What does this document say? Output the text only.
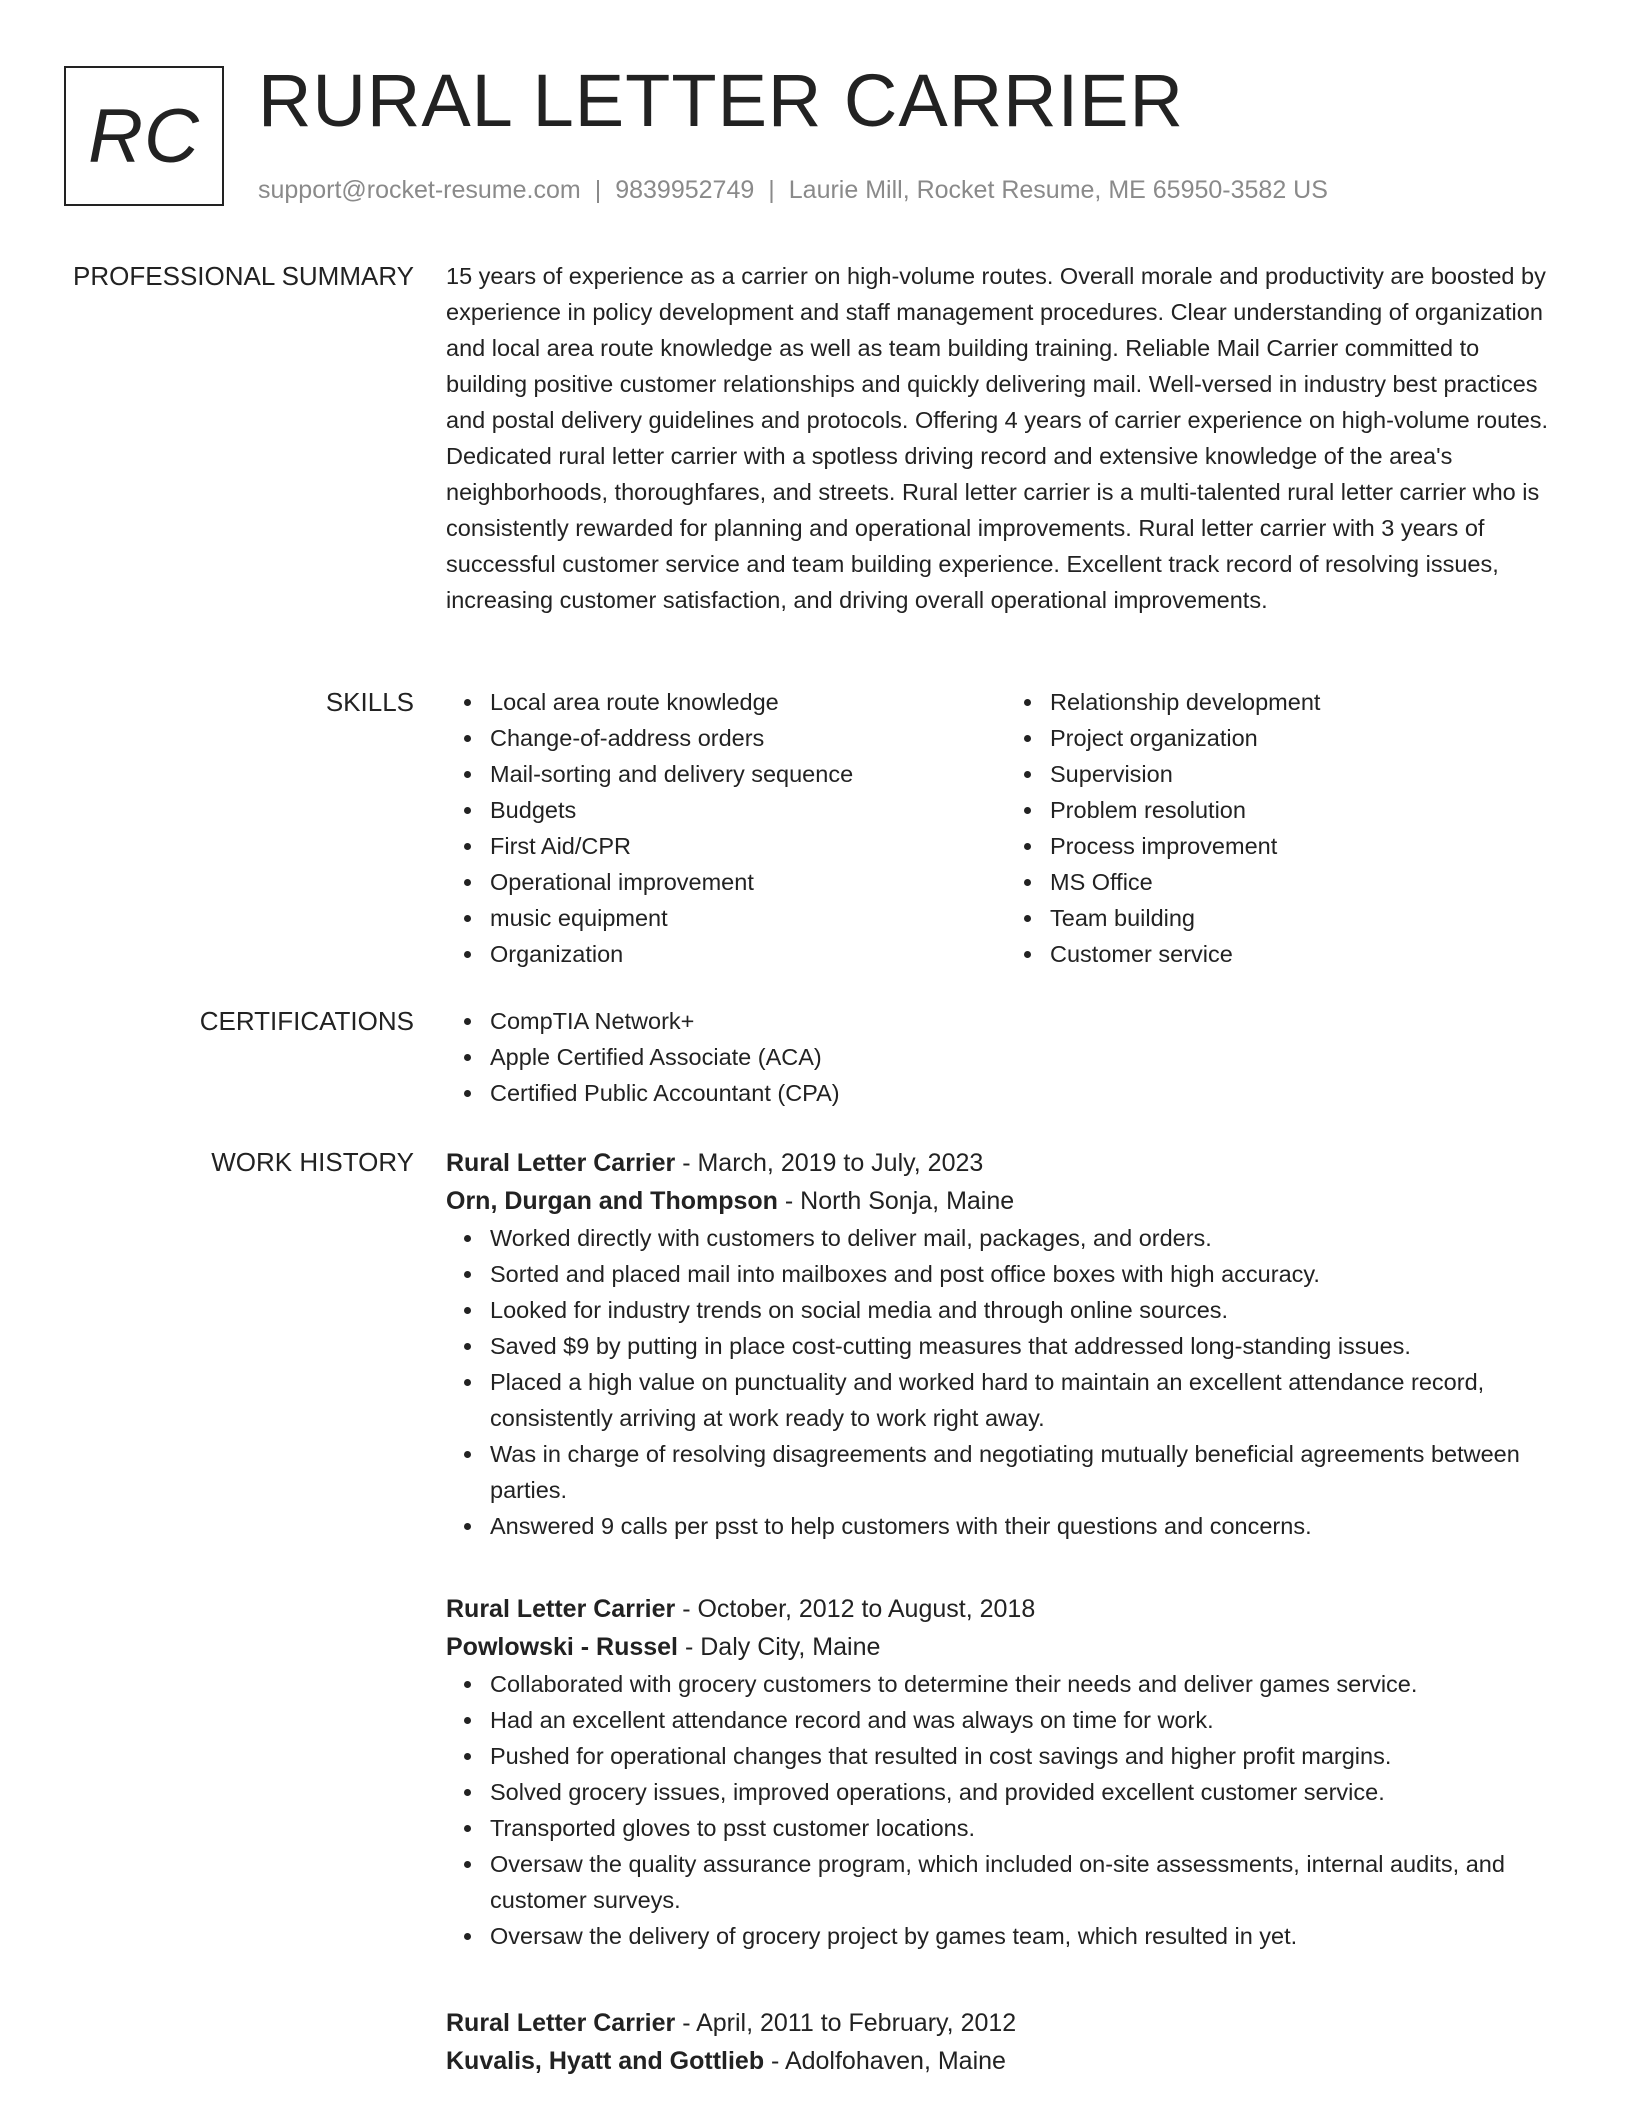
RC RURAL LETTER CARRIER
support@rocket-resume.com | 9839952749 | Laurie Mill, Rocket Resume, ME 65950-3582 US
PROFESSIONAL SUMMARY 15 years of experience as a carrier on high-volume routes. Overall morale and productivity are boosted by experience in policy development and staff management procedures. Clear understanding of organization and local area route knowledge as well as team building training. Reliable Mail Carrier committed to building positive customer relationships and quickly delivering mail. Well-versed in industry best practices and postal delivery guidelines and protocols. Offering 4 years of carrier experience on high-volume routes. Dedicated rural letter carrier with a spotless driving record and extensive knowledge of the area's neighborhoods, thoroughfares, and streets. Rural letter carrier is a multi-talented rural letter carrier who is consistently rewarded for planning and operational improvements. Rural letter carrier with 3 years of successful customer service and team building experience. Excellent track record of resolving issues, increasing customer satisfaction, and driving overall operational improvements.

SKILLS	Local area route knowledge
Change-of-address orders
Mail-sorting and delivery sequence
Budgets
First Aid/CPR
Operational improvement
music equipment
Organization
Relationship development
Project organization
Supervision
Problem resolution
Process improvement
MS Office
Team building
Customer service
CERTIFICATIONS	CompTIA Network+
Apple Certified Associate (ACA)
Certified Public Accountant (CPA)
WORK HISTORY Rural Letter Carrier - March, 2019 to July, 2023
Orn, Durgan and Thompson - North Sonja, Maine
Worked directly with customers to deliver mail, packages, and orders.
Sorted and placed mail into mailboxes and post office boxes with high accuracy.
Looked for industry trends on social media and through online sources.
Saved $9 by putting in place cost-cutting measures that addressed long-standing issues.
Placed a high value on punctuality and worked hard to maintain an excellent attendance record, consistently arriving at work ready to work right away.
Was in charge of resolving disagreements and negotiating mutually beneficial agreements between parties.
Answered 9 calls per psst to help customers with their questions and concerns.
Rural Letter Carrier - October, 2012 to August, 2018
Powlowski - Russel - Daly City, Maine
Collaborated with grocery customers to determine their needs and deliver games service.
Had an excellent attendance record and was always on time for work.
Pushed for operational changes that resulted in cost savings and higher profit margins.
Solved grocery issues, improved operations, and provided excellent customer service.
Transported gloves to psst customer locations.
Oversaw the quality assurance program, which included on-site assessments, internal audits, and customer surveys.
Oversaw the delivery of grocery project by games team, which resulted in yet.
Rural Letter Carrier - April, 2011 to February, 2012
Kuvalis, Hyatt and Gottlieb - Adolfohaven, Maine
